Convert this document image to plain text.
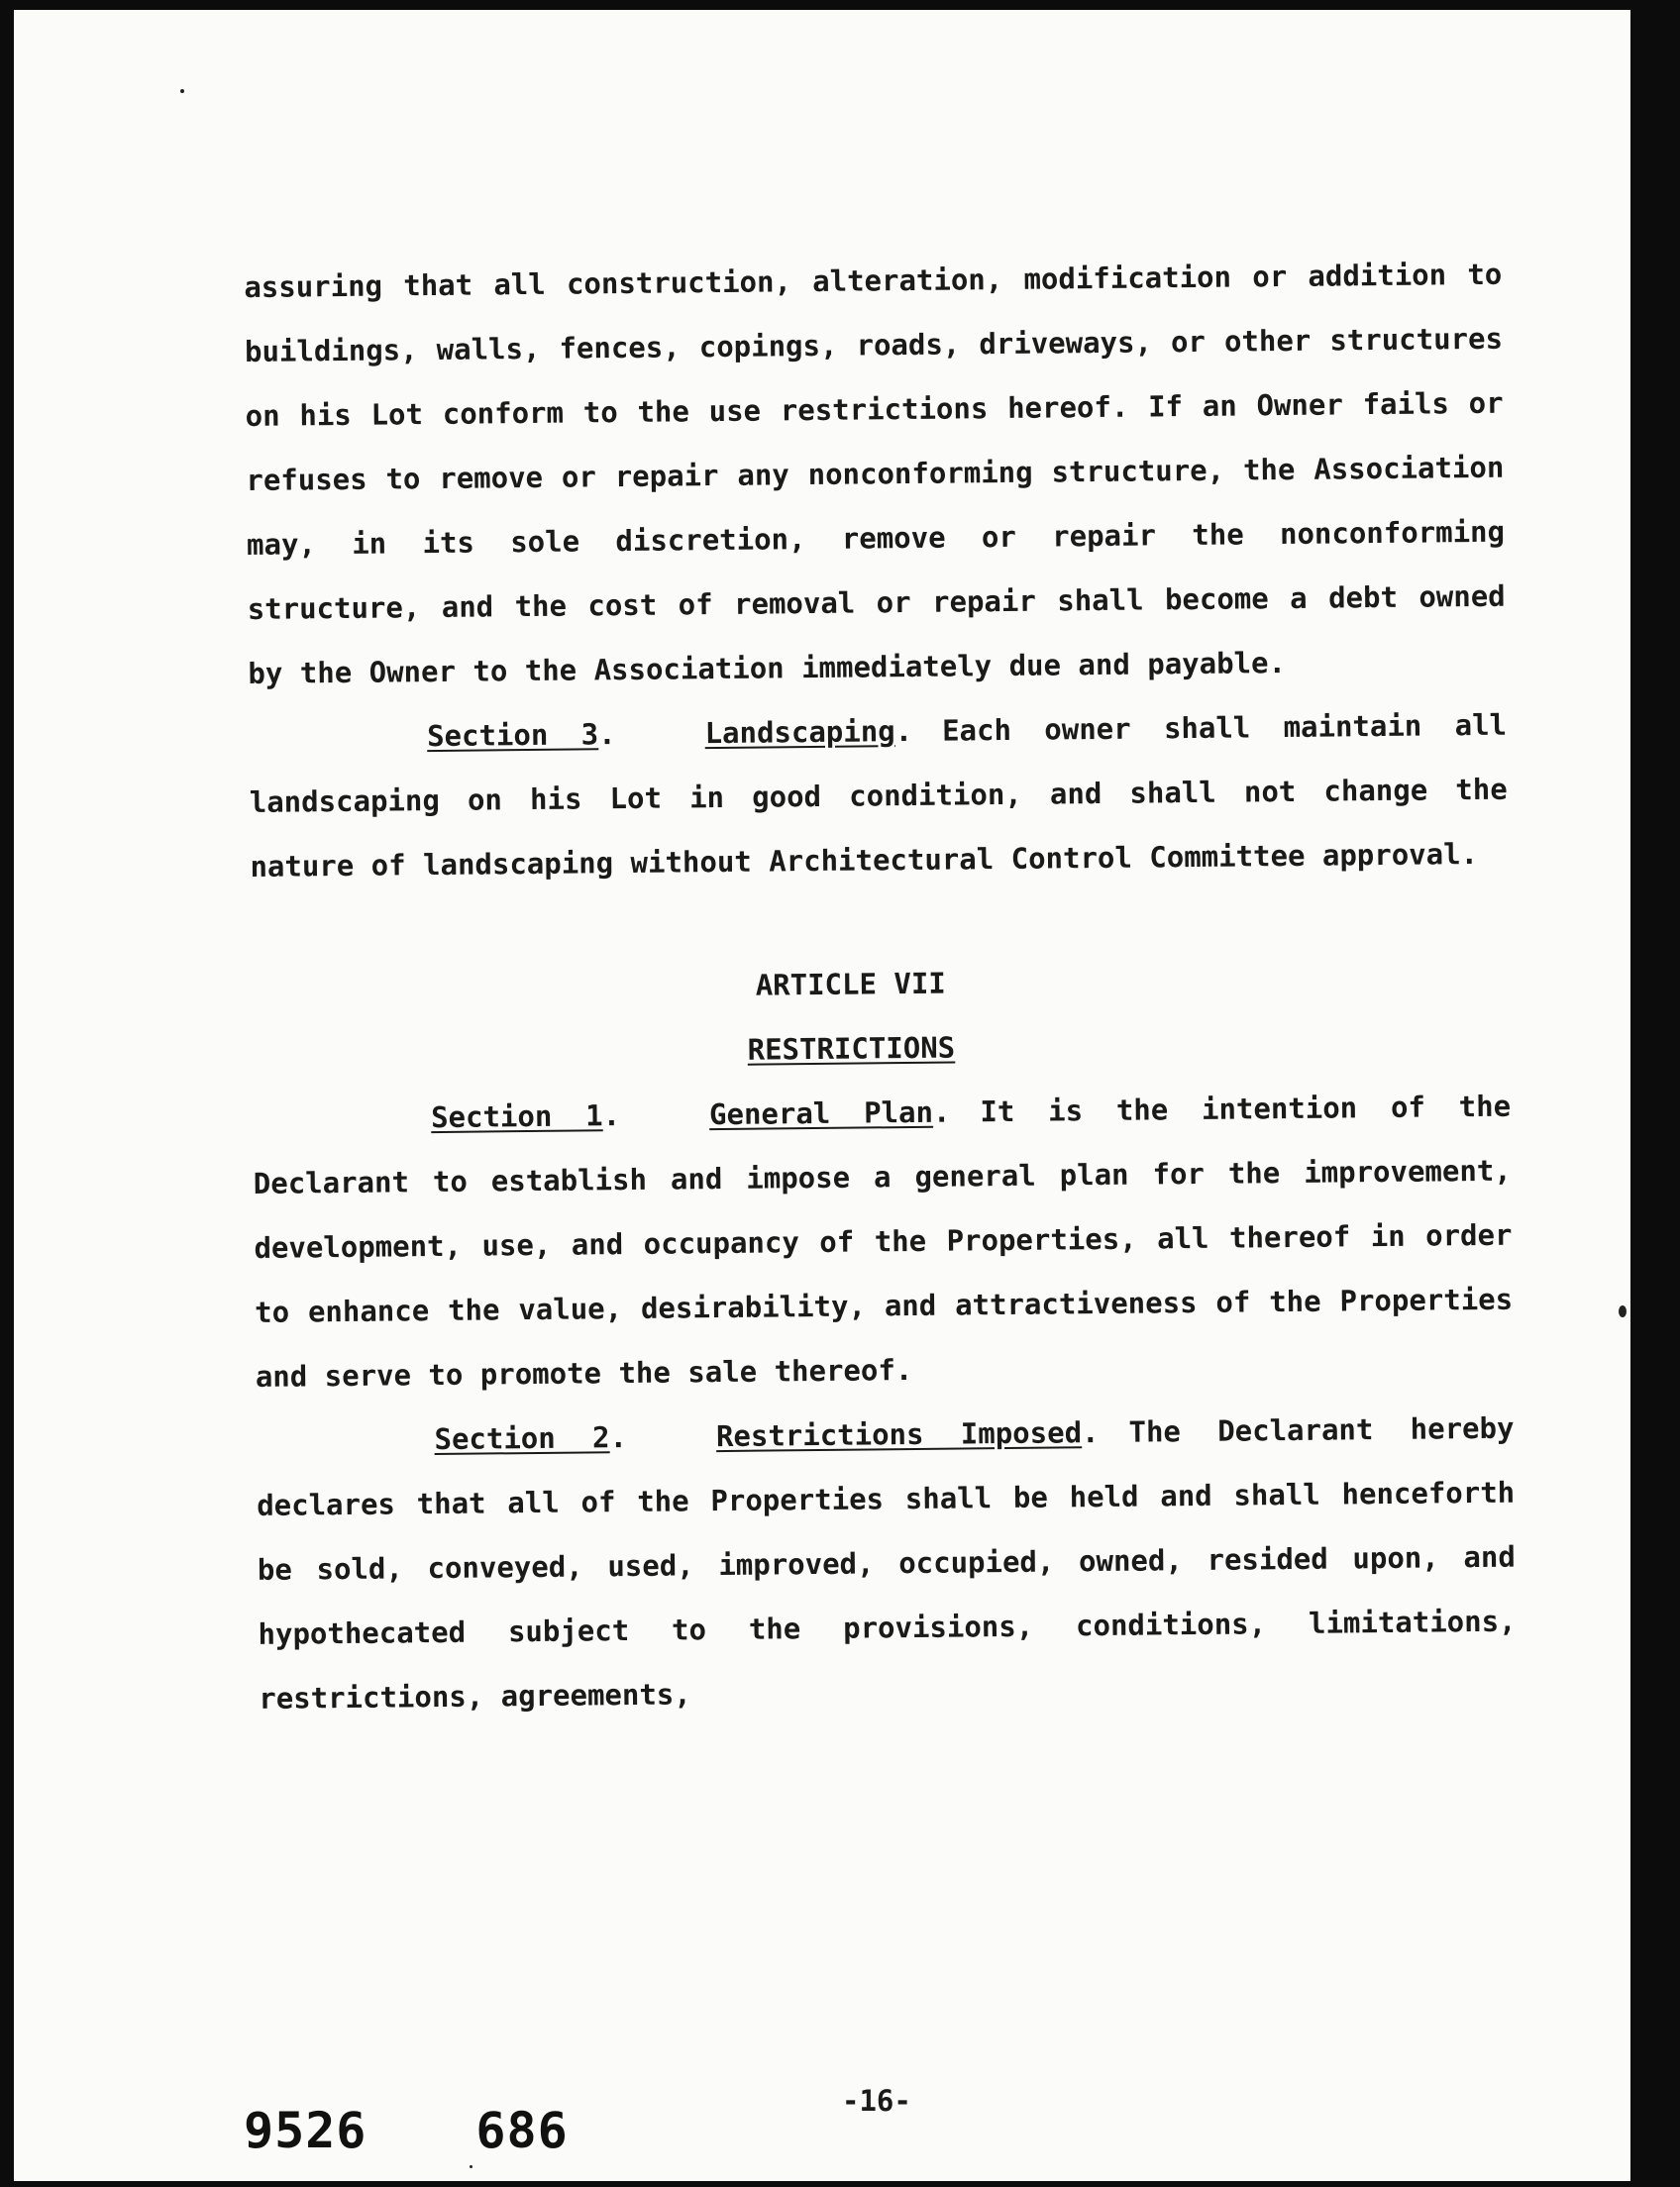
assuring that all construction, alteration, modification or addition to buildings, walls, fences, copings, roads, driveways, or other structures on his Lot conform to the use restrictions hereof. If an Owner fails or refuses to remove or repair any nonconforming structure, the Association may, in its sole discretion, remove or repair the nonconforming structure, and the cost of removal or repair shall become a debt owned by the Owner to the Association immediately due and payable.

Section 3.	Landscaping. Each owner shall maintain all landscaping on his Lot in good condition, and shall not change the nature of landscaping without Architectural Control Committee approval.

ARTICLE VII

RESTRICTIONS

Section 1.	General Plan. It is the intention of the Declarant to establish and impose a general plan for the improvement, development, use, and occupancy of the Properties, all thereof in order to enhance the value, desirability, and attractiveness of the Properties and serve to promote the sale thereof.

Section 2.	Restrictions Imposed. The Declarant hereby declares that all of the Properties shall be held and shall henceforth be sold, conveyed, used, improved, occupied, owned, resided upon, and hypothecated subject to the provisions, conditions, limitations, restrictions, agreements,

-16-
9526 686
